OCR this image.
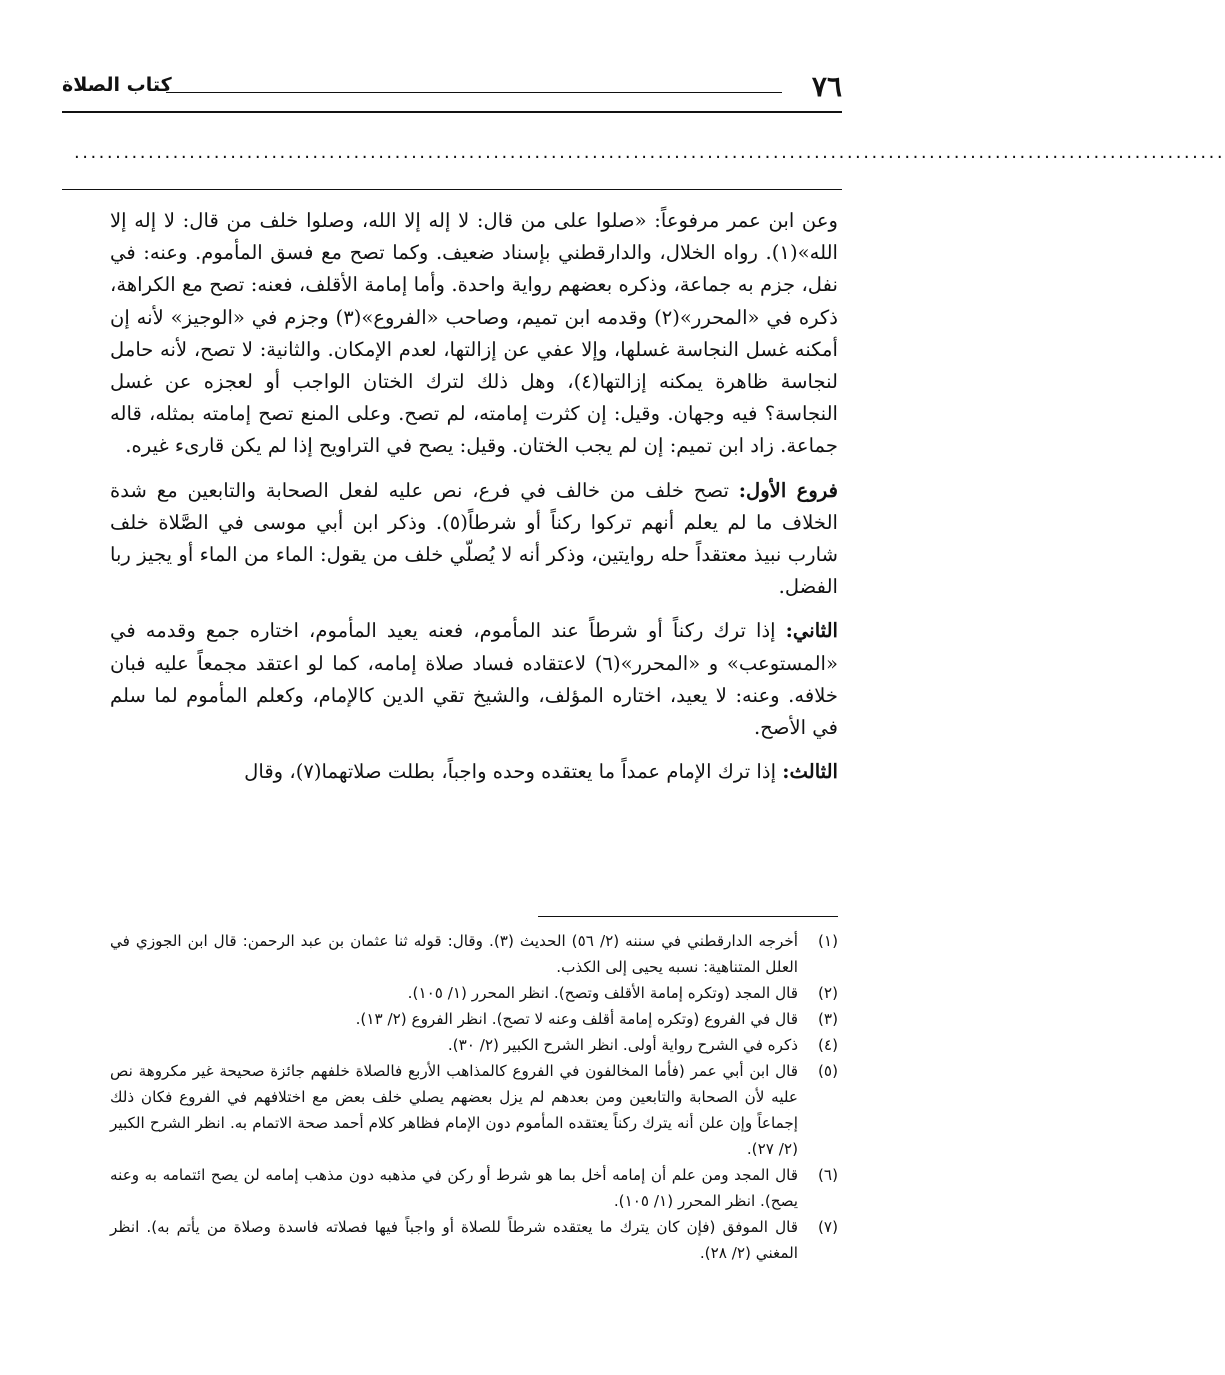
٧٦
كتاب الصلاة
............................................................................................................................................

وعن ابن عمر مرفوعاً: «صلوا على من قال: لا إله إلا الله، وصلوا خلف من قال: لا إله إلا الله»(١). رواه الخلال، والدارقطني بإسناد ضعيف. وكما تصح مع فسق المأموم. وعنه: في نفل، جزم به جماعة، وذكره بعضهم رواية واحدة. وأما إمامة الأقلف، فعنه: تصح مع الكراهة، ذكره في «المحرر»(٢) وقدمه ابن تميم، وصاحب «الفروع»(٣) وجزم في «الوجيز» لأنه إن أمكنه غسل النجاسة غسلها، وإلا عفي عن إزالتها، لعدم الإمكان. والثانية: لا تصح، لأنه حامل لنجاسة ظاهرة يمكنه إزالتها(٤)، وهل ذلك لترك الختان الواجب أو لعجزه عن غسل النجاسة؟ فيه وجهان. وقيل: إن كثرت إمامته، لم تصح. وعلى المنع تصح إمامته بمثله، قاله جماعة. زاد ابن تميم: إن لم يجب الختان. وقيل: يصح في التراويح إذا لم يكن قارىء غيره.

فروع الأول: تصح خلف من خالف في فرع، نص عليه لفعل الصحابة والتابعين مع شدة الخلاف ما لم يعلم أنهم تركوا ركناً أو شرطاً(٥). وذكر ابن أبي موسى في الصَّلاة خلف شارب نبيذ معتقداً حله روايتين، وذكر أنه لا يُصلّي خلف من يقول: الماء من الماء أو يجيز ربا الفضل.

الثاني: إذا ترك ركناً أو شرطاً عند المأموم، فعنه يعيد المأموم، اختاره جمع وقدمه في «المستوعب» و «المحرر»(٦) لاعتقاده فساد صلاة إمامه، كما لو اعتقد مجمعاً عليه فبان خلافه. وعنه: لا يعيد، اختاره المؤلف، والشيخ تقي الدين كالإمام، وكعلم المأموم لما سلم في الأصح.

الثالث: إذا ترك الإمام عمداً ما يعتقده وحده واجباً، بطلت صلاتهما(٧)، وقال

(١)
أخرجه الدارقطني في سننه (٢/ ٥٦) الحديث (٣). وقال: قوله ثنا عثمان بن عبد الرحمن: قال ابن الجوزي في العلل المتناهية: نسبه يحيى إلى الكذب.
(٢)
قال المجد (وتكره إمامة الأقلف وتصح). انظر المحرر (١/ ١٠٥).
(٣)
قال في الفروع (وتكره إمامة أقلف وعنه لا تصح). انظر الفروع (٢/ ١٣).
(٤)
ذكره في الشرح رواية أولى. انظر الشرح الكبير (٢/ ٣٠).
(٥)
قال ابن أبي عمر (فأما المخالفون في الفروع كالمذاهب الأربع فالصلاة خلفهم جائزة صحيحة غير مكروهة نص عليه لأن الصحابة والتابعين ومن بعدهم لم يزل بعضهم يصلي خلف بعض مع اختلافهم في الفروع فكان ذلك إجماعاً وإن علن أنه يترك ركناً يعتقده المأموم دون الإمام فظاهر كلام أحمد صحة الاتمام به. انظر الشرح الكبير (٢/ ٢٧).
(٦)
قال المجد ومن علم أن إمامه أخل بما هو شرط أو ركن في مذهبه دون مذهب إمامه لن يصح ائتمامه به وعنه يصح). انظر المحرر (١/ ١٠٥).
(٧)
قال الموفق (فإن كان يترك ما يعتقده شرطاً للصلاة أو واجباً فيها فصلاته فاسدة وصلاة من يأتم به). انظر المغني (٢/ ٢٨).
